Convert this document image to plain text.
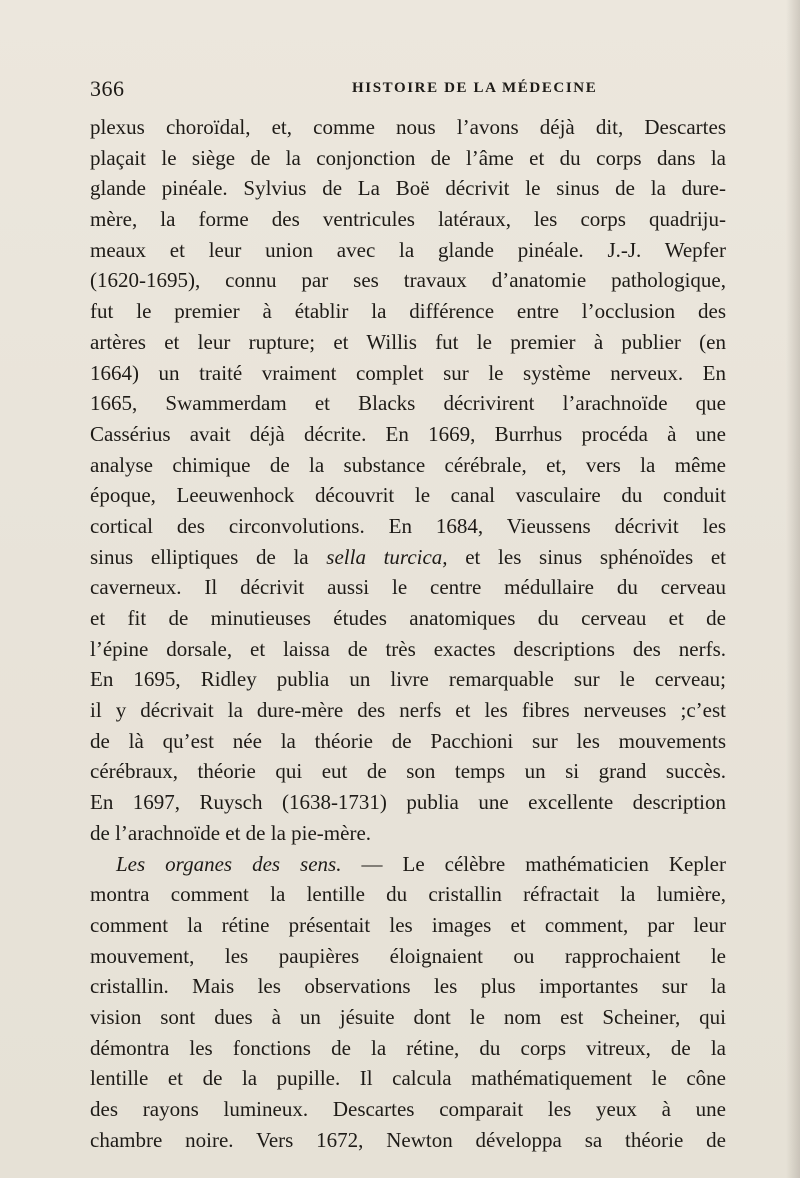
366	HISTOIRE DE LA MÉDECINE
plexus choroïdal, et, comme nous l’avons déjà dit, Descartes
plaçait le siège de la conjonction de l’âme et du corps dans la
glande pinéale. Sylvius de La Boë décrivit le sinus de la dure-
mère, la forme des ventricules latéraux, les corps quadriju-
meaux et leur union avec la glande pinéale. J.-J. Wepfer
(1620-1695), connu par ses travaux d’anatomie pathologique,
fut le premier à établir la différence entre l’occlusion des
artères et leur rupture; et Willis fut le premier à publier (en
1664) un traité vraiment complet sur le système nerveux. En
1665, Swammerdam et Blacks décrivirent l’arachnoïde que
Cassérius avait déjà décrite. En 1669, Burrhus procéda à une
analyse chimique de la substance cérébrale, et, vers la même
époque, Leeuwenhock découvrit le canal vasculaire du conduit
cortical des circonvolutions. En 1684, Vieussens décrivit les
sinus elliptiques de la sella turcica, et les sinus sphénoïdes et
caverneux. Il décrivit aussi le centre médullaire du cerveau
et fit de minutieuses études anatomiques du cerveau et de
l’épine dorsale, et laissa de très exactes descriptions des nerfs.
En 1695, Ridley publia un livre remarquable sur le cerveau;
il y décrivait la dure-mère des nerfs et les fibres nerveuses ;c’est
de là qu’est née la théorie de Pacchioni sur les mouvements
cérébraux, théorie qui eut de son temps un si grand succès.
En 1697, Ruysch (1638-1731) publia une excellente description
de l’arachnoïde et de la pie-mère.
Les organes des sens. — Le célèbre mathématicien Kepler
montra comment la lentille du cristallin réfractait la lumière,
comment la rétine présentait les images et comment, par leur
mouvement, les paupières éloignaient ou rapprochaient le
cristallin. Mais les observations les plus importantes sur la
vision sont dues à un jésuite dont le nom est Scheiner, qui
démontra les fonctions de la rétine, du corps vitreux, de la
lentille et de la pupille. Il calcula mathématiquement le cône
des rayons lumineux. Descartes comparait les yeux à une
chambre noire. Vers 1672, Newton développa sa théorie de
